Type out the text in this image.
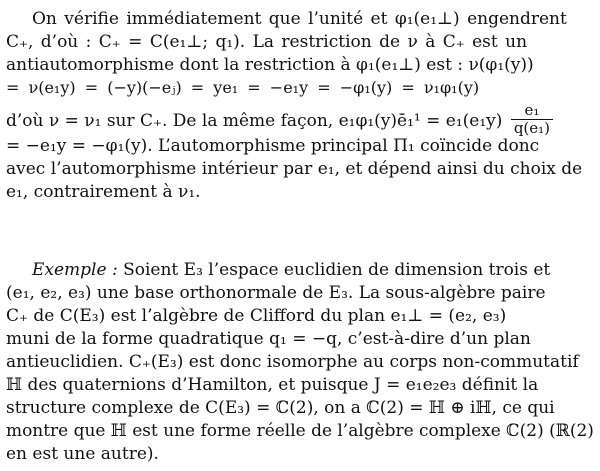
On vérifie immédiatement que l’unité et φ₁(e₁⊥) engendrent
C₊, d’où : C₊ = C(e₁⊥; q₁). La restriction de ν à C₊ est un
antiautomorphisme dont la restriction à φ₁(e₁⊥) est : ν(φ₁(y))
= ν(e₁y) = (−y)(−eⱼ) = ye₁ = −e₁y = −φ₁(y) = ν₁φ₁(y)
d’où ν = ν₁ sur C₊. De la même façon, e₁φ₁(y)ē₁¹ = $e_1(e_1y) \frac{\text{e₁}}{\text{q(e₁)}}$
= −e₁y = −φ₁(y). L’automorphisme principal Π₁ coïncide donc
avec l’automorphisme intérieur par e₁, et dépend ainsi du choix de
e₁, contrairement à ν₁.
Exemple : Soient E₃ l’espace euclidien de dimension trois et
(e₁, e₂, e₃) une base orthonormale de E₃. La sous-algèbre paire
C₊ de C(E₃) est l’algèbre de Clifford du plan e₁⊥ = (e₂, e₃)
muni de la forme quadratique q₁ = −q, c’est-à-dire d’un plan
antieuclidien. C₊(E₃) est donc isomorphe au corps non-commutatif
ℍ des quaternions d’Hamilton, et puisque J = e₁e₂e₃ définit la
structure complexe de C(E₃) = ℂ(2), on a ℂ(2) = ℍ ⊕ iℍ, ce qui
montre que ℍ est une forme réelle de l’algèbre complexe ℂ(2) (ℝ(2)
en est une autre).
